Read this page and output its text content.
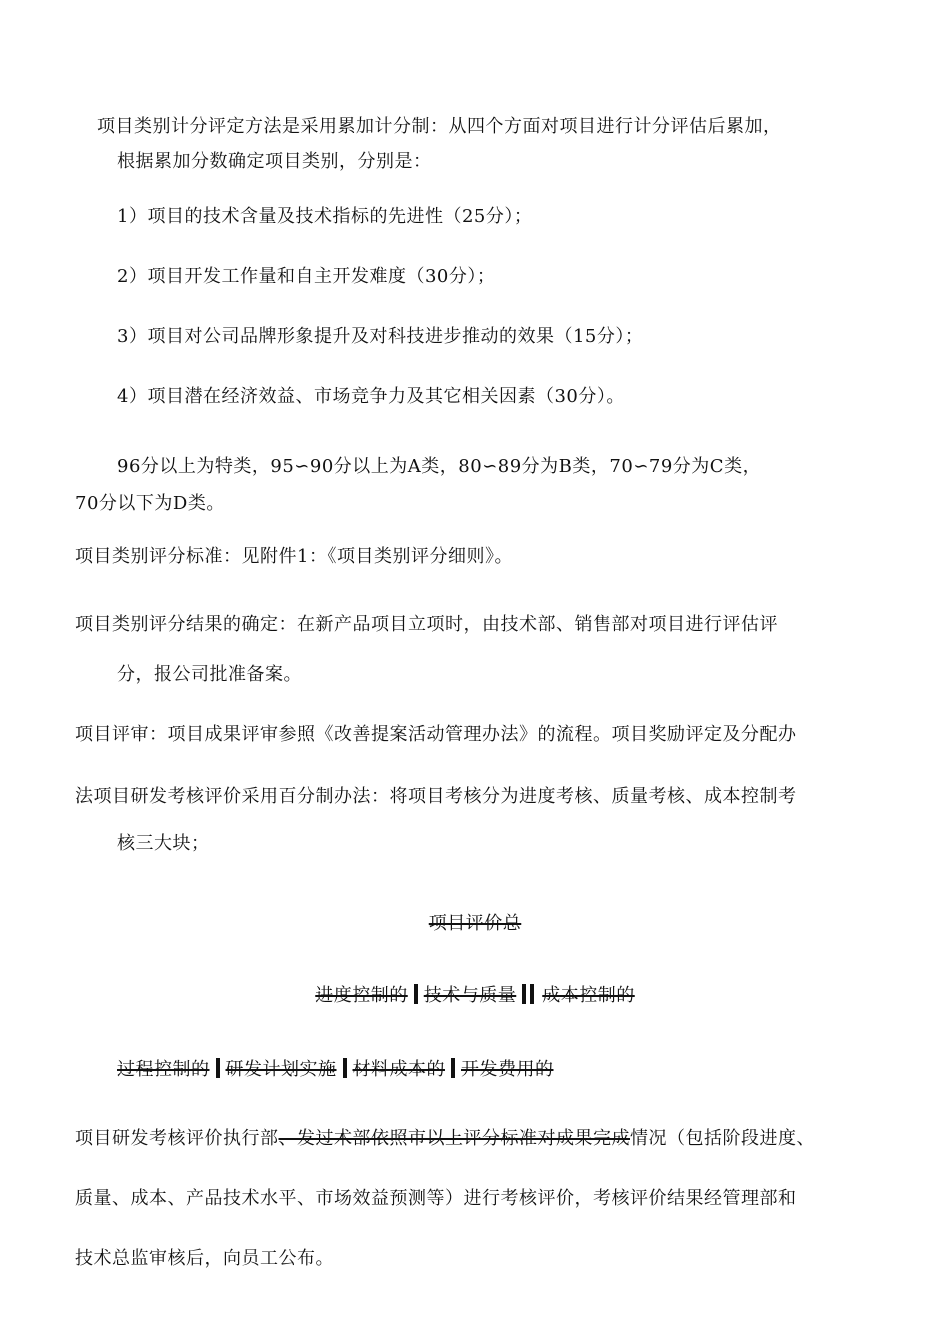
项目类别计分评定方法是采用累加计分制：从四个方面对项目进行计分评估后累加，
根据累加分数确定项目类别，分别是：
1）项目的技术含量及技术指标的先进性（25分）；
2）项目开发工作量和自主开发难度（30分）；
3）项目对公司品牌形象提升及对科技进步推动的效果（15分）；
4）项目潜在经济效益、市场竞争力及其它相关因素（30分）。
96分以上为特类，95∽90分以上为A类，80∽89分为B类，70∽79分为C类，
70分以下为D类。
项目类别评分标准：见附件1：《项目类别评分细则》。
项目类别评分结果的确定：在新产品项目立项时，由技术部、销售部对项目进行评估评
分，报公司批准备案。
项目评审：项目成果评审参照《改善提案活动管理办法》的流程。项目奖励评定及分配办
法项目研发考核评价采用百分制办法：将项目考核分为进度考核、质量考核、成本控制考
核三大块；
项目评价总
进度控制的 技术与质量 成本控制的
过程控制的 研发计划实施 材料成本的 开发费用的
项目研发考核评价执行部、发过术部依照市以上评分标准对成果完成情况（包括阶段进度、
质量、成本、产品技术水平、市场效益预测等）进行考核评价，考核评价结果经管理部和
技术总监审核后，向员工公布。
